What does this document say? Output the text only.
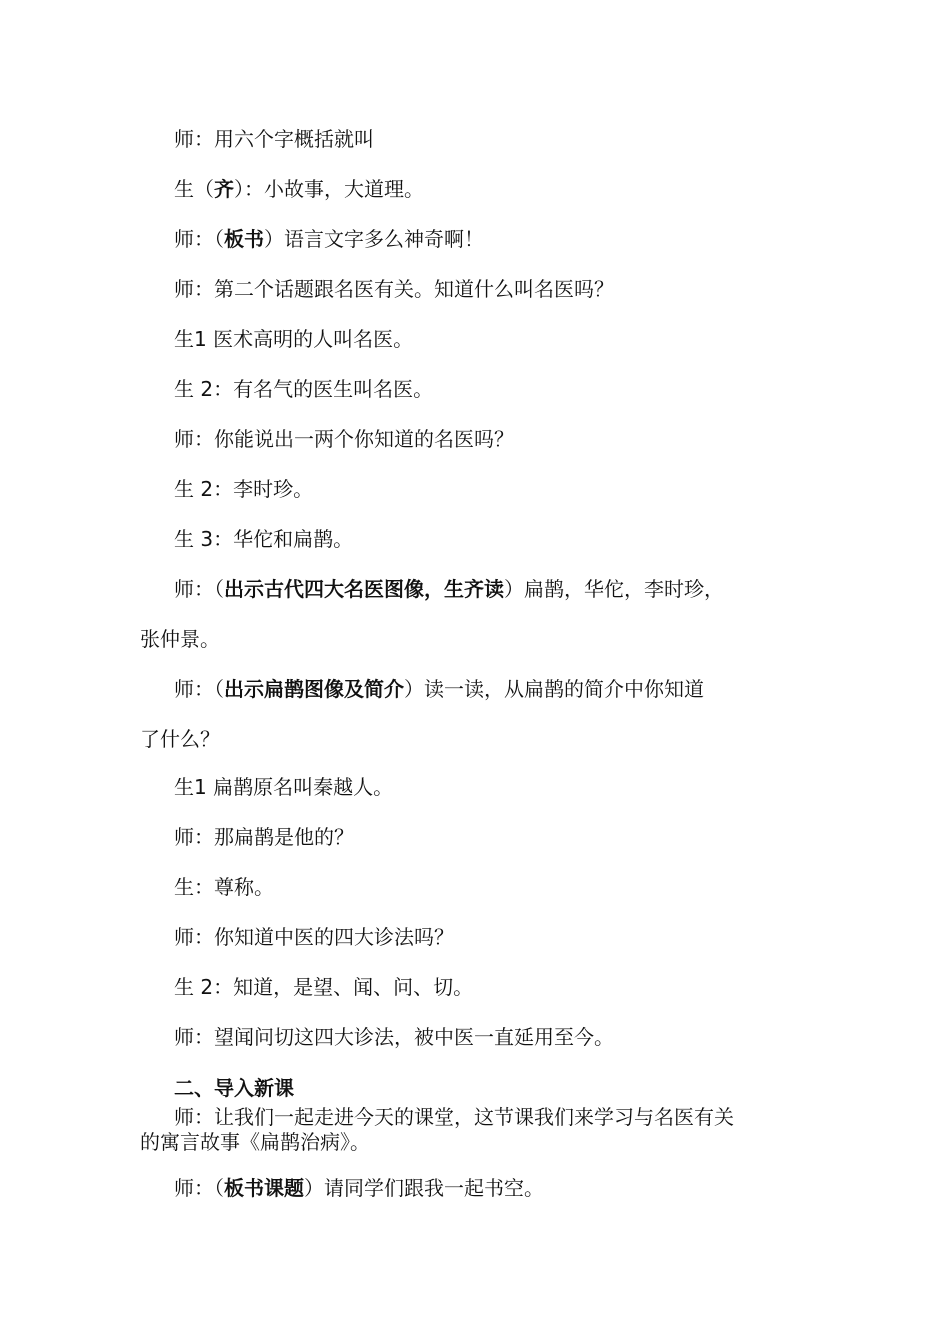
师：用六个字概括就叫
生（齐）：小故事，大道理。
师：（板书）语言文字多么神奇啊！
师：第二个话题跟名医有关。知道什么叫名医吗？
生1 医术高明的人叫名医。
生 2：有名气的医生叫名医。
师：你能说出一两个你知道的名医吗？
生 2：李时珍。
生 3：华佗和扁鹊。
师：（出示古代四大名医图像，生齐读）扁鹊，华佗，李时珍，
张仲景。
师：（出示扁鹊图像及简介）读一读，从扁鹊的简介中你知道
了什么？
生1 扁鹊原名叫秦越人。
师：那扁鹊是他的？
生：尊称。
师：你知道中医的四大诊法吗？
生 2：知道，是望、闻、问、切。
师：望闻问切这四大诊法，被中医一直延用至今。
二、导入新课
师：让我们一起走进今天的课堂，这节课我们来学习与名医有关
的寓言故事《扁鹊治病》。
师：（板书课题）请同学们跟我一起书空。
